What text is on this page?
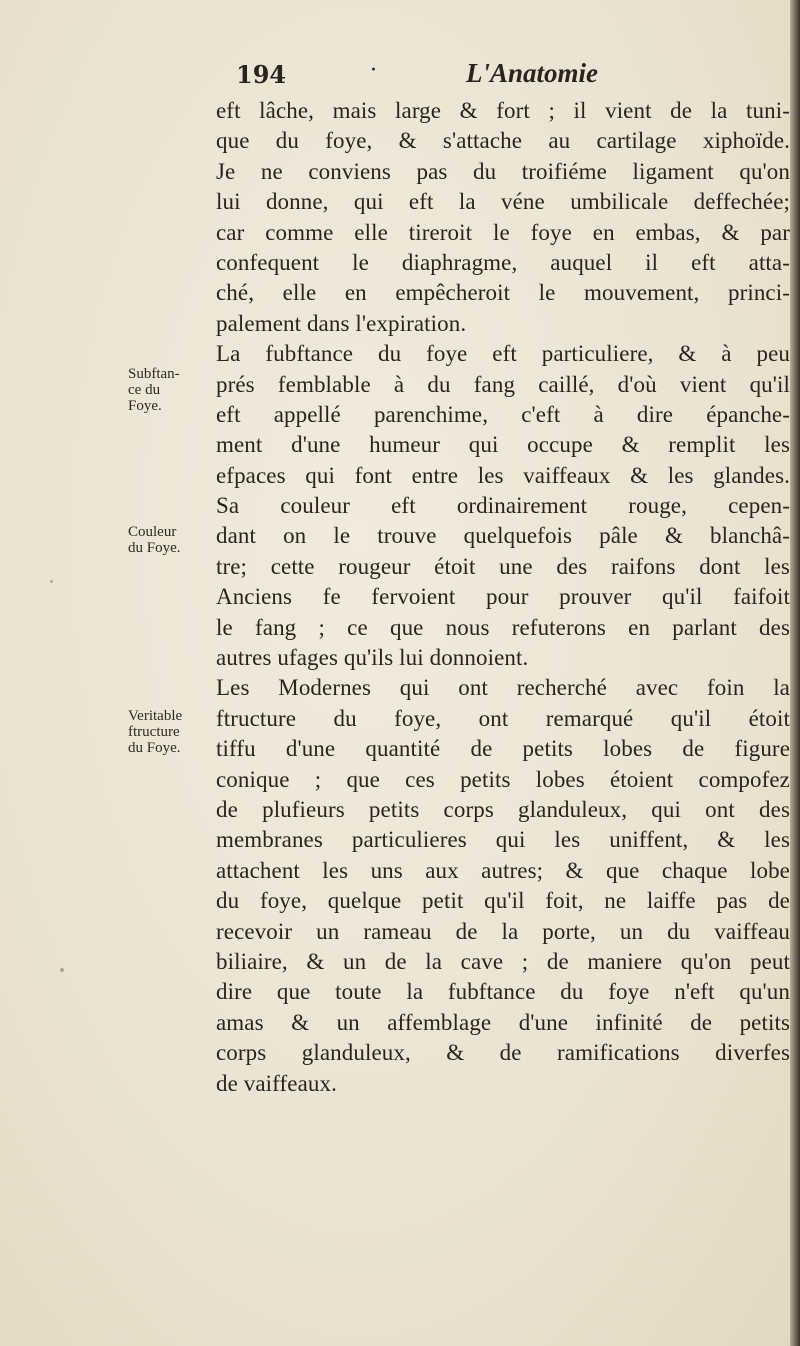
194	·	L'Anatomie
Subftan-
ce du
Foye.
Couleur
du Foye.
Veritable
ftructure
du Foye.
eft lâche, mais large & fort ; il vient de la tuni-
que du foye, & s'attache au cartilage xiphoïde.
Je ne conviens pas du troifiéme ligament qu'on
lui donne, qui eft la véne umbilicale deffechée;
car comme elle tireroit le foye en embas, & par
confequent le diaphragme, auquel il eft atta-
ché, elle en empêcheroit le mouvement, princi-
palement dans l'expiration.
La fubftance du foye eft particuliere, & à peu
prés femblable à du fang caillé, d'où vient qu'il
eft appellé parenchime, c'eft à dire épanche-
ment d'une humeur qui occupe & remplit les
efpaces qui font entre les vaiffeaux & les glandes.
Sa couleur eft ordinairement rouge, cepen-
dant on le trouve quelquefois pâle & blanchâ-
tre; cette rougeur étoit une des raifons dont les
Anciens fe fervoient pour prouver qu'il faifoit
le fang ; ce que nous refuterons en parlant des
autres ufages qu'ils lui donnoient.
Les Modernes qui ont recherché avec foin la
ftructure du foye, ont remarqué qu'il étoit
tiffu d'une quantité de petits lobes de figure
conique ; que ces petits lobes étoient compofez
de plufieurs petits corps glanduleux, qui ont des
membranes particulieres qui les uniffent, & les
attachent les uns aux autres; & que chaque lobe
du foye, quelque petit qu'il foit, ne laiffe pas de
recevoir un rameau de la porte, un du vaiffeau
biliaire, & un de la cave ; de maniere qu'on peut
dire que toute la fubftance du foye n'eft qu'un
amas & un affemblage d'une infinité de petits
corps glanduleux, & de ramifications diverfes
de vaiffeaux.
